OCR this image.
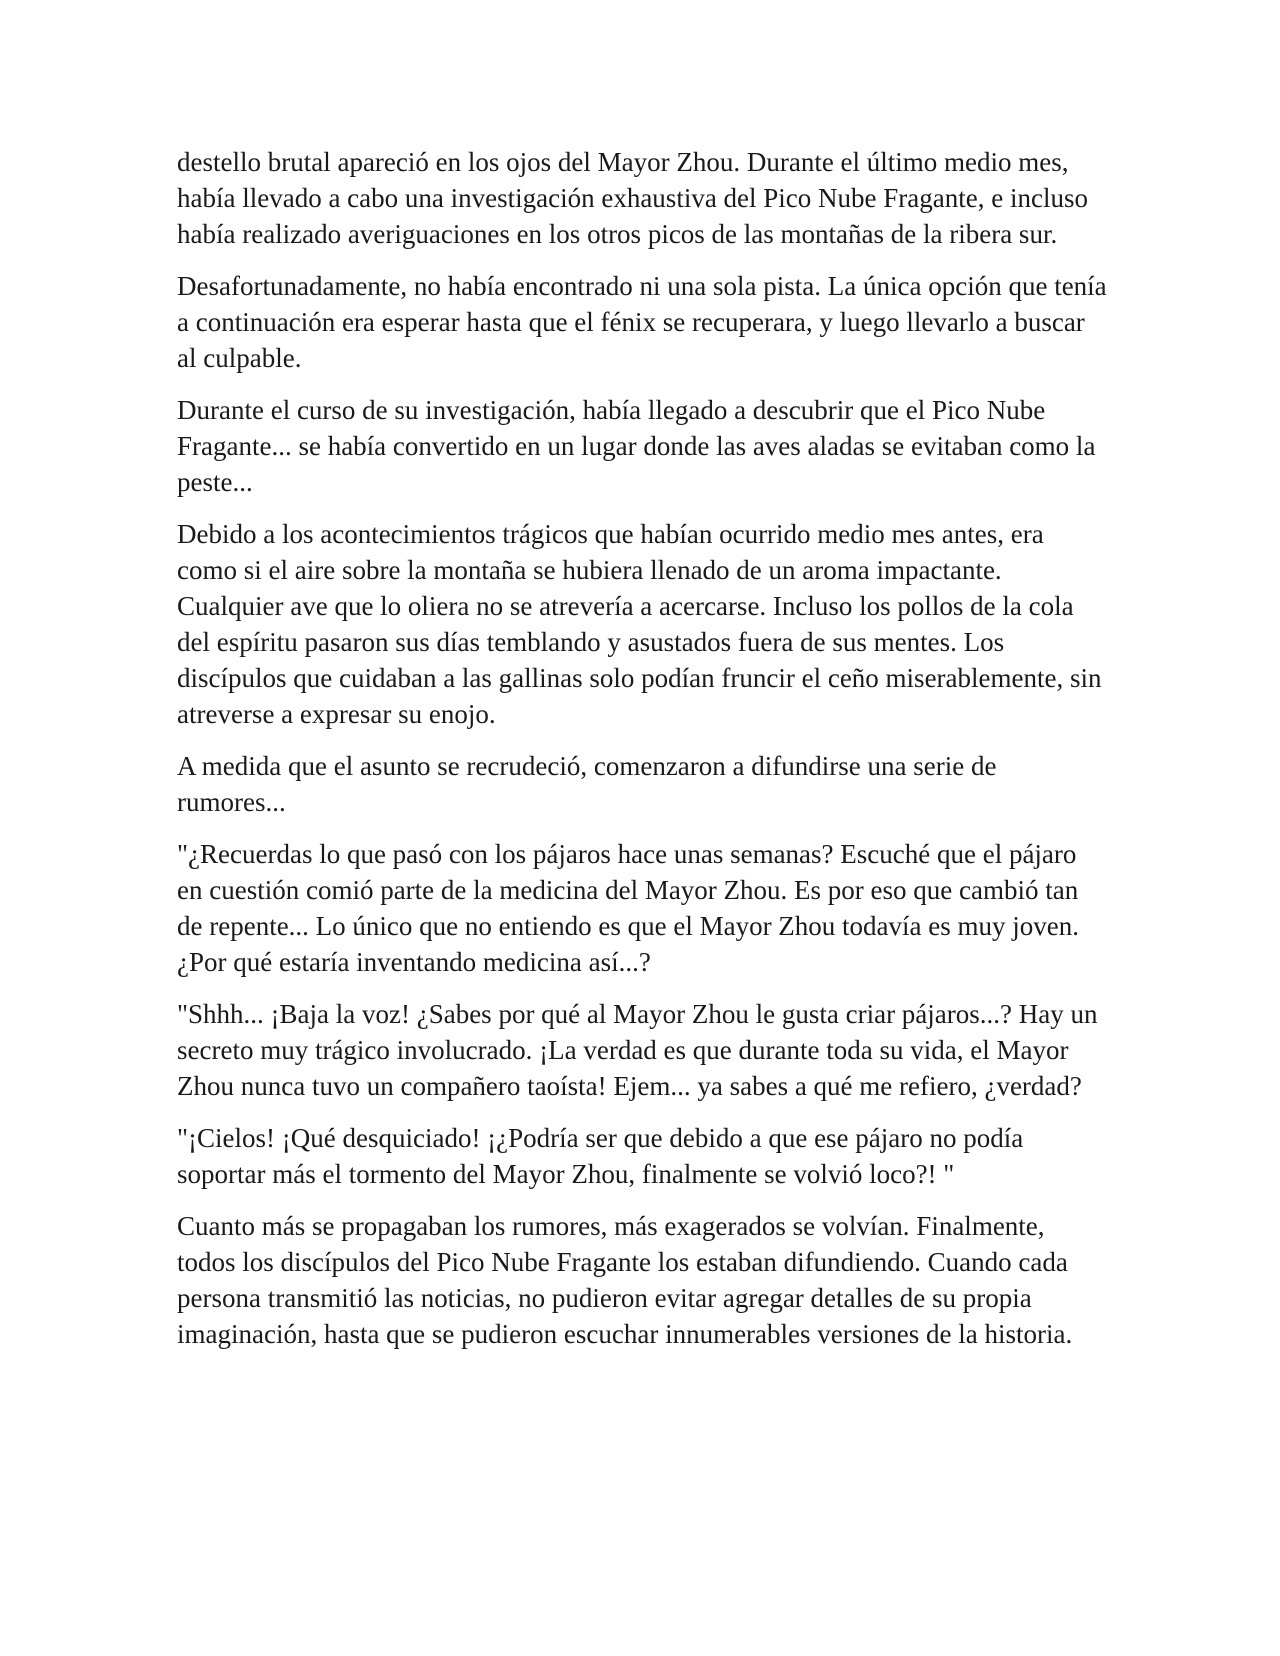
destello brutal apareció en los ojos del Mayor Zhou. Durante el último medio mes, había llevado a cabo una investigación exhaustiva del Pico Nube Fragante, e incluso había realizado averiguaciones en los otros picos de las montañas de la ribera sur.

Desafortunadamente, no había encontrado ni una sola pista. La única opción que tenía a continuación era esperar hasta que el fénix se recuperara, y luego llevarlo a buscar al culpable.

Durante el curso de su investigación, había llegado a descubrir que el Pico Nube Fragante... se había convertido en un lugar donde las aves aladas se evitaban como la peste...

Debido a los acontecimientos trágicos que habían ocurrido medio mes antes, era como si el aire sobre la montaña se hubiera llenado de un aroma impactante. Cualquier ave que lo oliera no se atrevería a acercarse. Incluso los pollos de la cola del espíritu pasaron sus días temblando y asustados fuera de sus mentes. Los discípulos que cuidaban a las gallinas solo podían fruncir el ceño miserablemente, sin atreverse a expresar su enojo.

A medida que el asunto se recrudeció, comenzaron a difundirse una serie de rumores...

"¿Recuerdas lo que pasó con los pájaros hace unas semanas? Escuché que el pájaro en cuestión comió parte de la medicina del Mayor Zhou. Es por eso que cambió tan de repente... Lo único que no entiendo es que el Mayor Zhou todavía es muy joven. ¿Por qué estaría inventando medicina así...?

"Shhh... ¡Baja la voz! ¿Sabes por qué al Mayor Zhou le gusta criar pájaros...? Hay un secreto muy trágico involucrado. ¡La verdad es que durante toda su vida, el Mayor Zhou nunca tuvo un compañero taoísta! Ejem... ya sabes a qué me refiero, ¿verdad?

"¡Cielos! ¡Qué desquiciado! ¡¿Podría ser que debido a que ese pájaro no podía soportar más el tormento del Mayor Zhou, finalmente se volvió loco?! "

Cuanto más se propagaban los rumores, más exagerados se volvían. Finalmente, todos los discípulos del Pico Nube Fragante los estaban difundiendo. Cuando cada persona transmitió las noticias, no pudieron evitar agregar detalles de su propia imaginación, hasta que se pudieron escuchar innumerables versiones de la historia.
